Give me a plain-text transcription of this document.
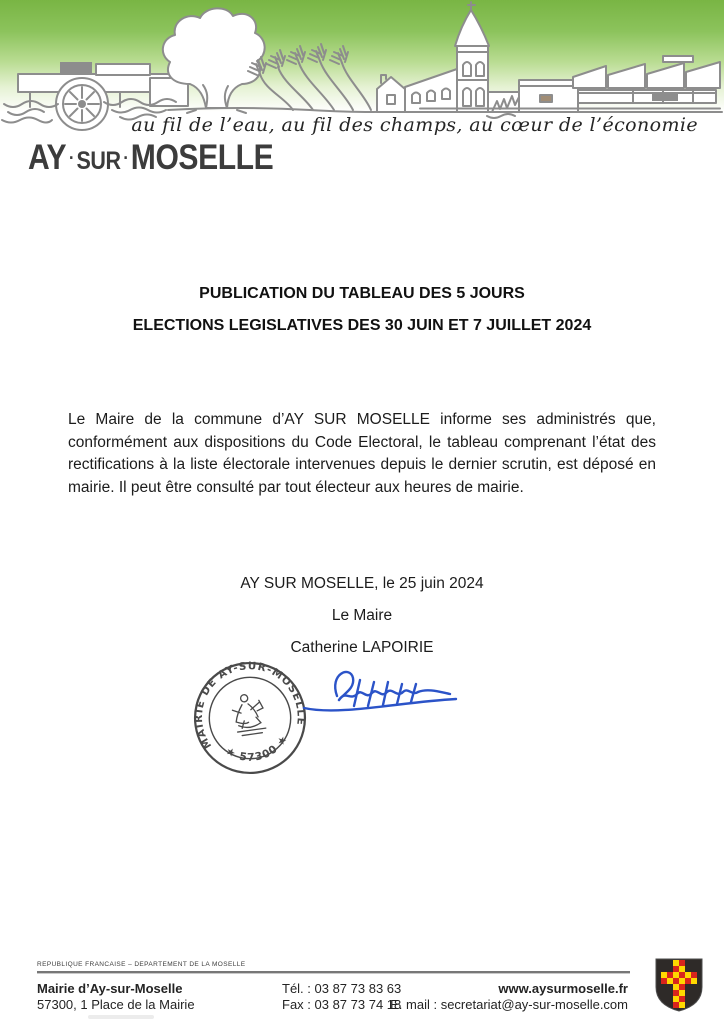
au fil de l’eau, au fil des champs, au cœur de l’économie
AY ▪ SUR ▪ MOSELLE
PUBLICATION DU TABLEAU DES 5 JOURS
ELECTIONS LEGISLATIVES DES 30 JUIN ET 7 JUILLET 2024
Le Maire de la commune d’AY SUR MOSELLE informe ses administrés que, conformément aux dispositions du Code Electoral, le tableau comprenant l’état des rectifications à la liste électorale intervenues depuis le dernier scrutin, est déposé en mairie. Il peut être consulté par tout électeur aux heures de mairie.
AY SUR MOSELLE, le 25 juin 2024
Le Maire
Catherine LAPOIRIE
MAIRIE DE AY-SUR-MOSELLE
★ 57300 ★
REPUBLIQUE FRANCAISE – DEPARTEMENT DE LA MOSELLE
Mairie d’Ay-sur-Moselle
57300, 1 Place de la Mairie
Tél. : 03 87 73 83 63
Fax : 03 87 73 74 18
www.aysurmoselle.fr
E. mail : secretariat@ay-sur-moselle.com
